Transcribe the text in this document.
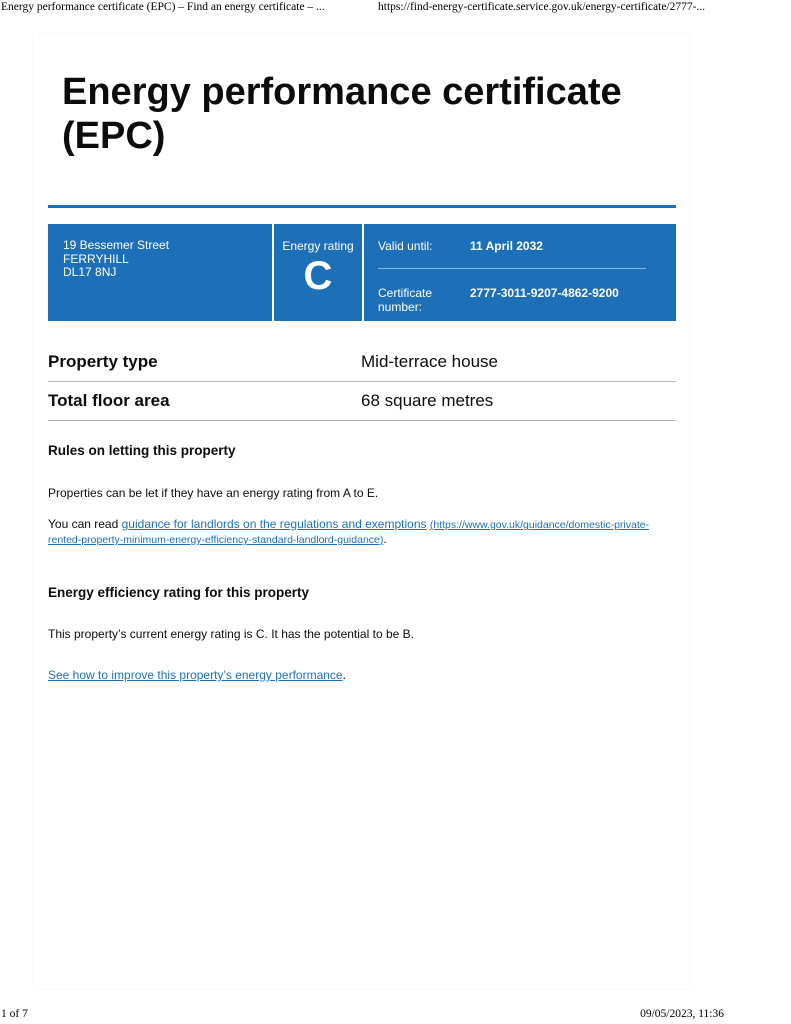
Energy performance certificate (EPC) – Find an energy certificate – ...	https://find-energy-certificate.service.gov.uk/energy-certificate/2777-...
Energy performance certificate (EPC)
19 Bessemer Street
FERRYHILL
DL17 8NJ
Energy rating
C
Valid until:	11 April 2032
Certificate number:
2777-3011-9207-4862-9200
Property type	Mid-terrace house
Total floor area	68 square metres
Rules on letting this property

Properties can be let if they have an energy rating from A to E.

You can read guidance for landlords on the regulations and exemptions (https://www.gov.uk/guidance/domestic-private-rented-property-minimum-energy-efficiency-standard-landlord-guidance).

Energy efficiency rating for this property

This property’s current energy rating is C. It has the potential to be B.

See how to improve this property’s energy performance.

1 of 7	09/05/2023, 11:36
